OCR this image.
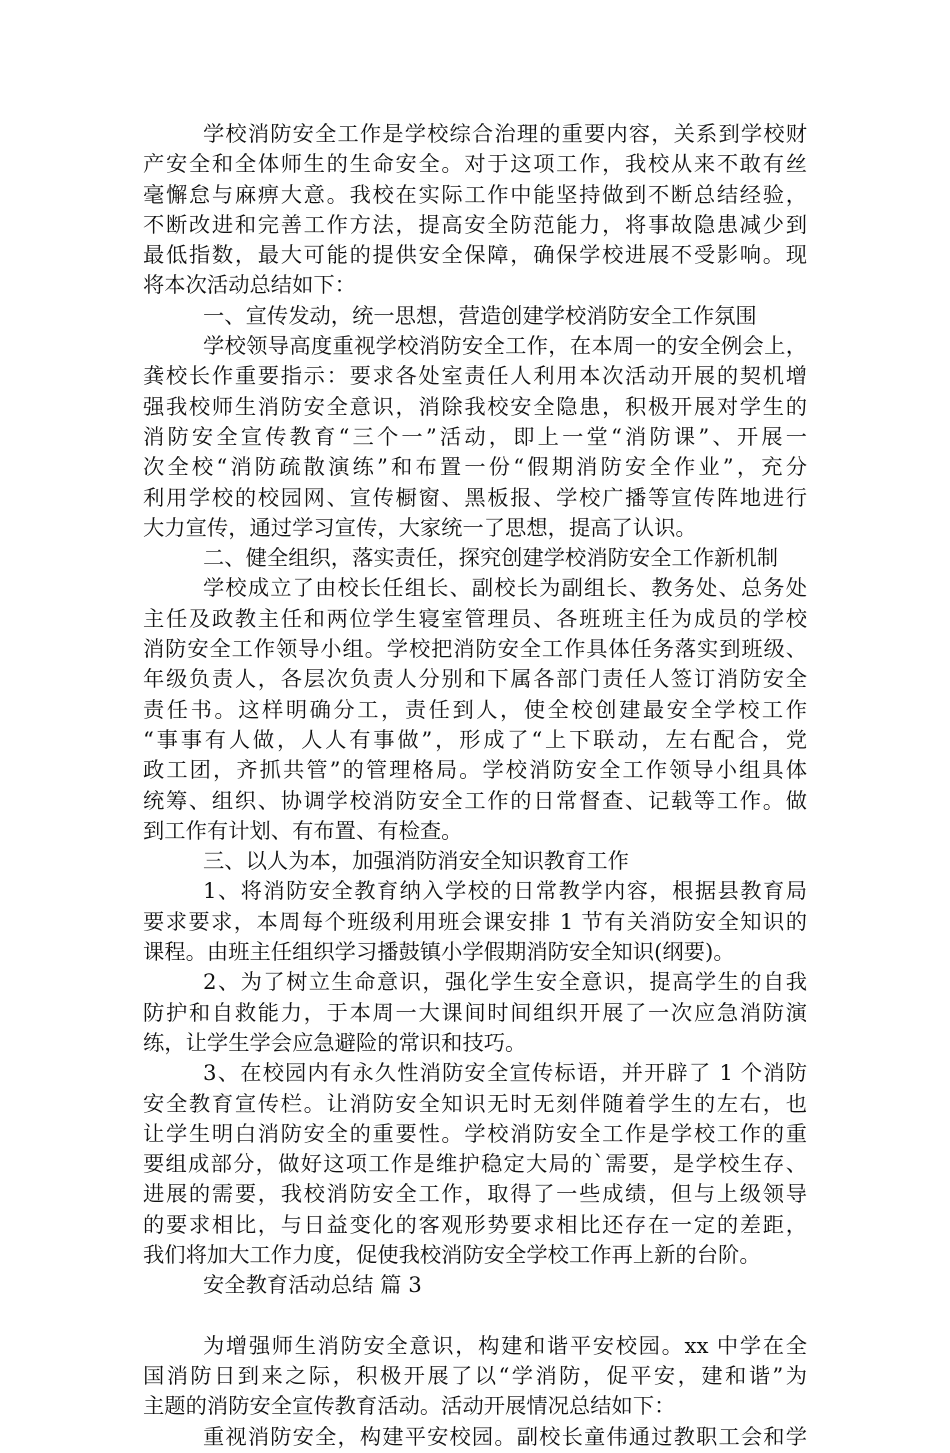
学校消防安全工作是学校综合治理的重要内容，关系到学校财
产安全和全体师生的生命安全。对于这项工作，我校从来不敢有丝
毫懈怠与麻痹大意。我校在实际工作中能坚持做到不断总结经验，
不断改进和完善工作方法，提高安全防范能力，将事故隐患减少到
最低指数，最大可能的提供安全保障，确保学校进展不受影响。现
将本次活动总结如下：
一、宣传发动，统一思想，营造创建学校消防安全工作氛围
学校领导高度重视学校消防安全工作，在本周一的安全例会上，
龚校长作重要指示：要求各处室责任人利用本次活动开展的契机增
强我校师生消防安全意识，消除我校安全隐患，积极开展对学生的
消防安全宣传教育“三个一”活动，即上一堂“消防课”、开展一
次全校“消防疏散演练”和布置一份“假期消防安全作业”，充分
利用学校的校园网、宣传橱窗、黑板报、学校广播等宣传阵地进行
大力宣传，通过学习宣传，大家统一了思想，提高了认识。
二、健全组织，落实责任，探究创建学校消防安全工作新机制
学校成立了由校长任组长、副校长为副组长、教务处、总务处
主任及政教主任和两位学生寝室管理员、各班班主任为成员的学校
消防安全工作领导小组。学校把消防安全工作具体任务落实到班级、
年级负责人，各层次负责人分别和下属各部门责任人签订消防安全
责任书。这样明确分工，责任到人，使全校创建最安全学校工作
“事事有人做，人人有事做”，形成了“上下联动，左右配合，党
政工团，齐抓共管”的管理格局。学校消防安全工作领导小组具体
统筹、组织、协调学校消防安全工作的日常督查、记载等工作。做
到工作有计划、有布置、有检查。
三、以人为本，加强消防消安全知识教育工作
1、将消防安全教育纳入学校的日常教学内容，根据县教育局
要求要求，本周每个班级利用班会课安排 1 节有关消防安全知识的
课程。由班主任组织学习播鼓镇小学假期消防安全知识(纲要)。
2、为了树立生命意识，强化学生安全意识，提高学生的自我
防护和自救能力，于本周一大课间时间组织开展了一次应急消防演
练，让学生学会应急避险的常识和技巧。
3、在校园内有永久性消防安全宣传标语，并开辟了 1 个消防
安全教育宣传栏。让消防安全知识无时无刻伴随着学生的左右，也
让学生明白消防安全的重要性。学校消防安全工作是学校工作的重
要组成部分，做好这项工作是维护稳定大局的`需要，是学校生存、
进展的需要，我校消防安全工作，取得了一些成绩，但与上级领导
的要求相比，与日益变化的客观形势要求相比还存在一定的差距，
我们将加大工作力度，促使我校消防安全学校工作再上新的台阶。
安全教育活动总结 篇 3
为增强师生消防安全意识，构建和谐平安校园。xx 中学在全
国消防日到来之际，积极开展了以“学消防，促平安，建和谐”为
主题的消防安全宣传教育活动。活动开展情况总结如下：
重视消防安全，构建平安校园。副校长童伟通过教职工会和学
